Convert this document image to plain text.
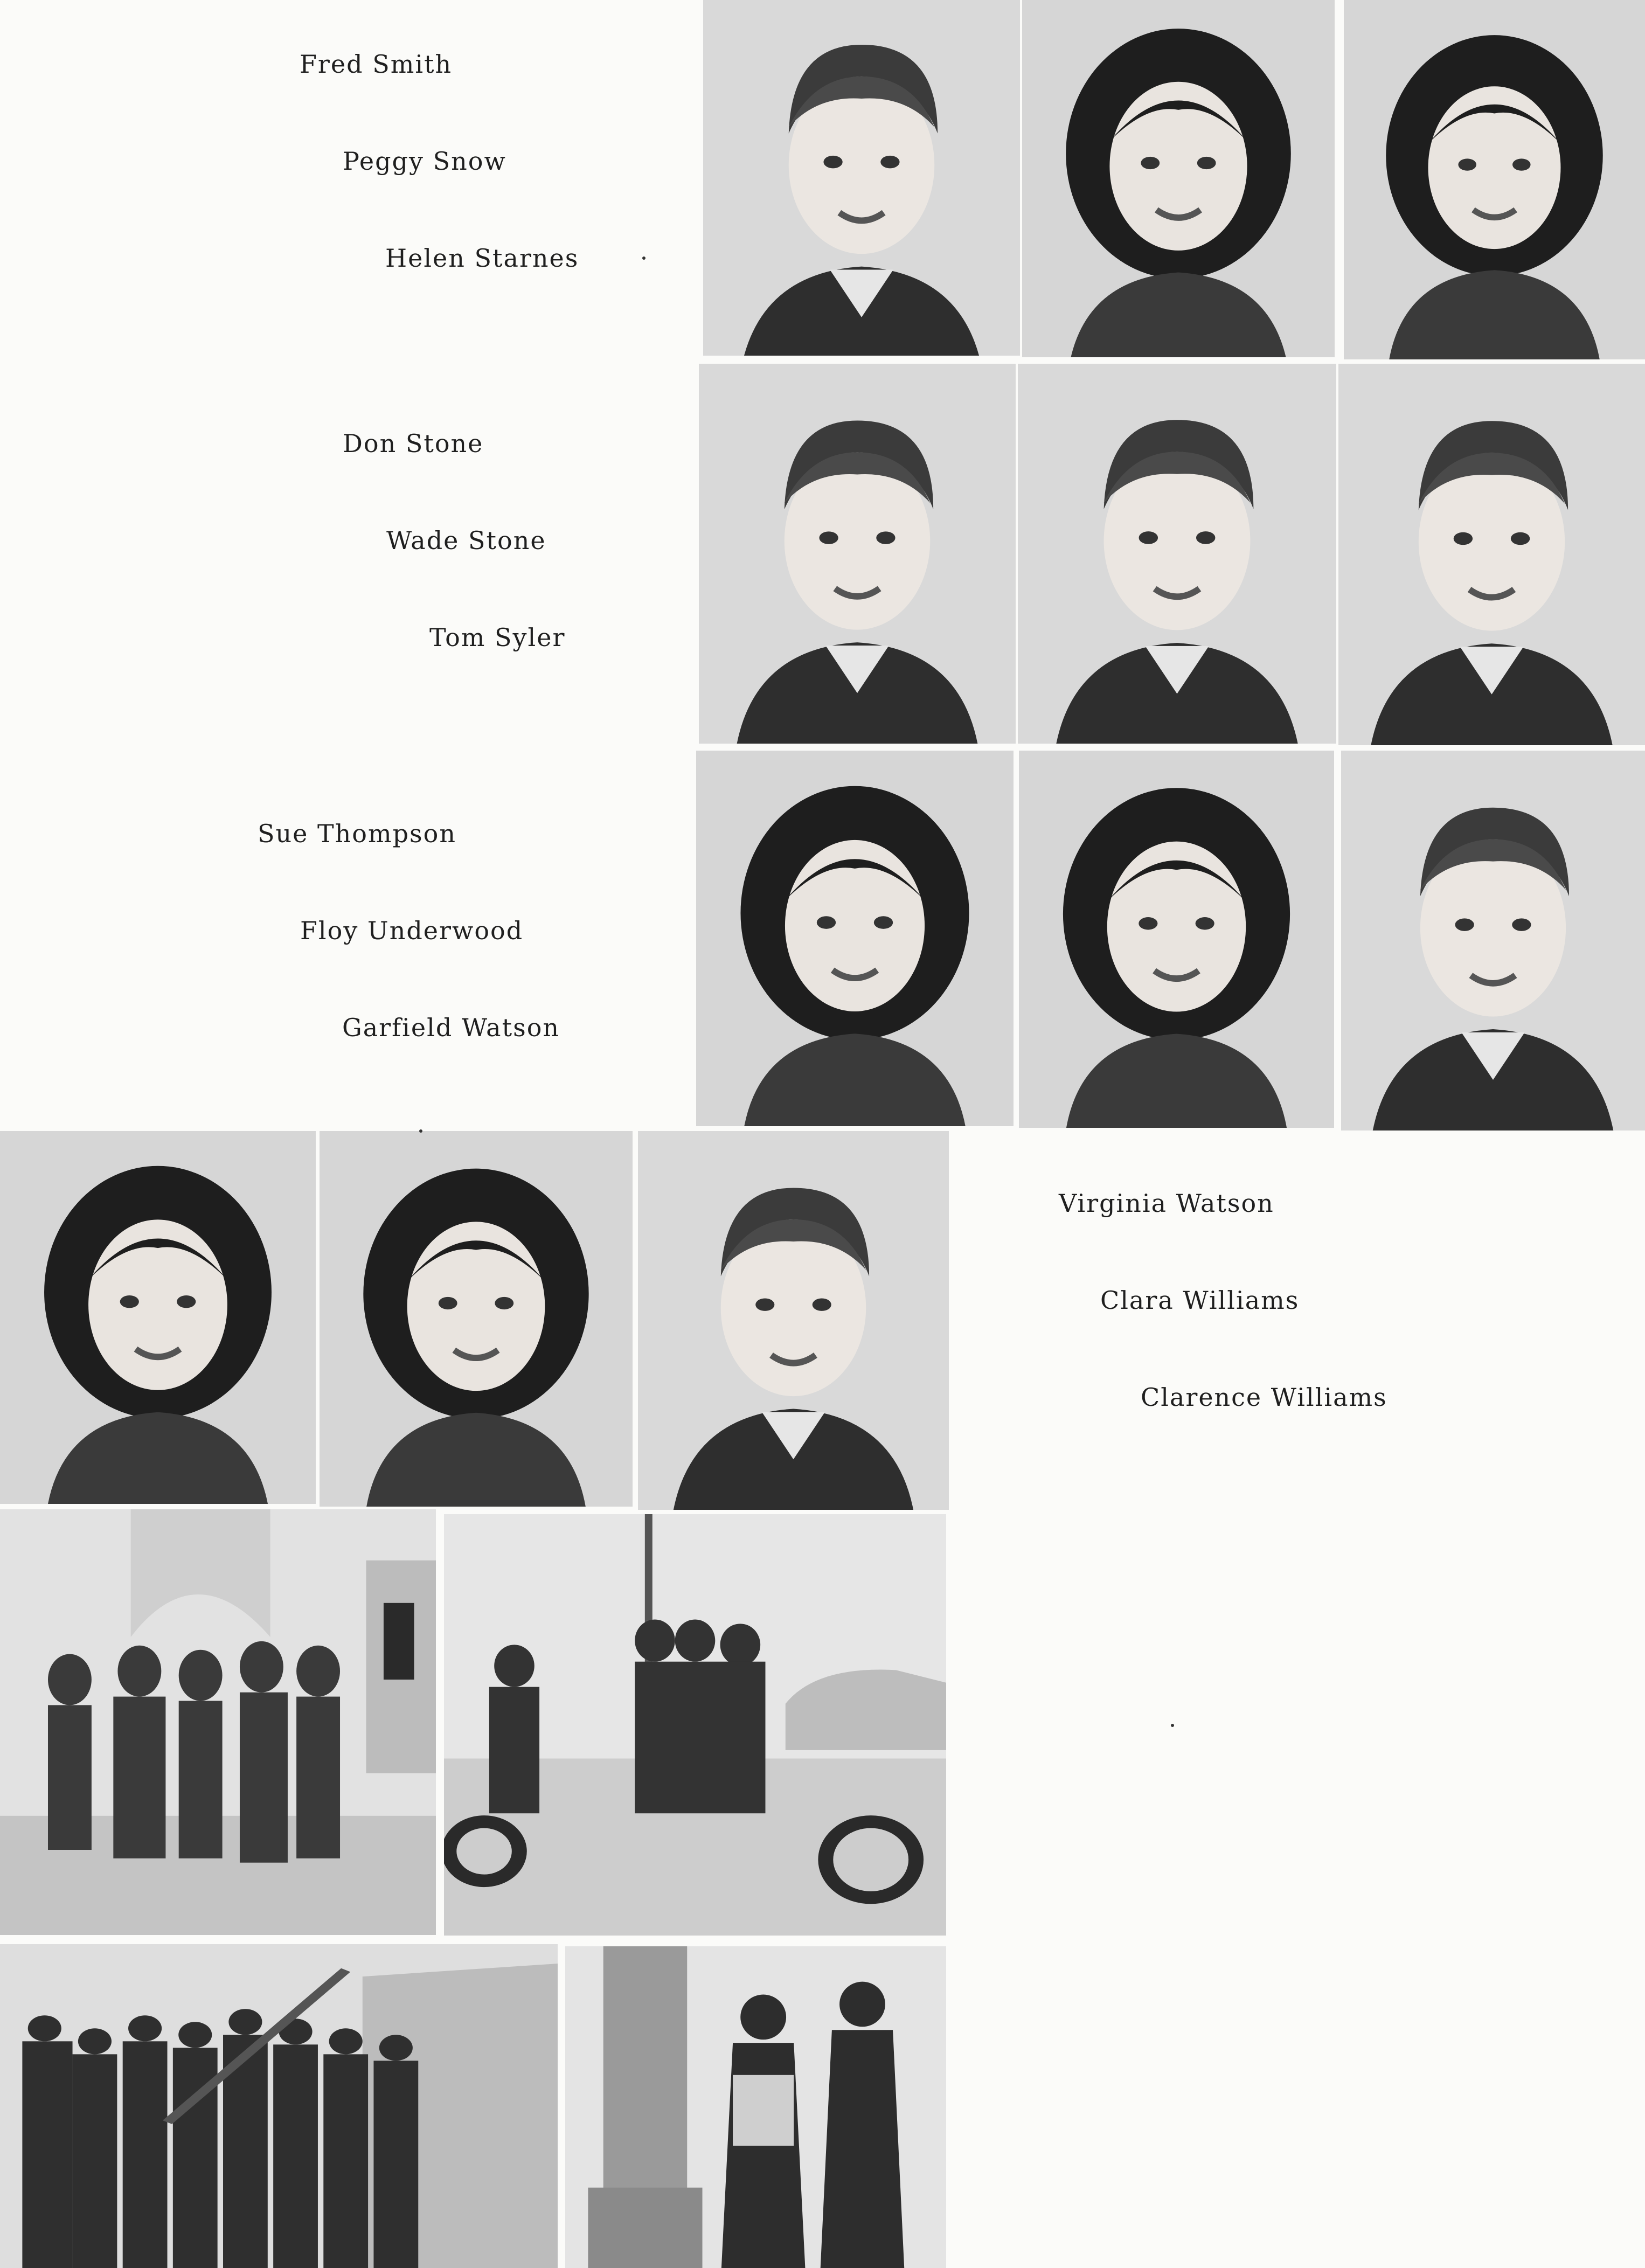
Fred Smith
Peggy Snow
Helen Starnes
Don Stone
Wade Stone
Tom Syler
Sue Thompson
Floy Underwood
Garfield Watson
Virginia Watson
Clara Williams
Clarence Williams
